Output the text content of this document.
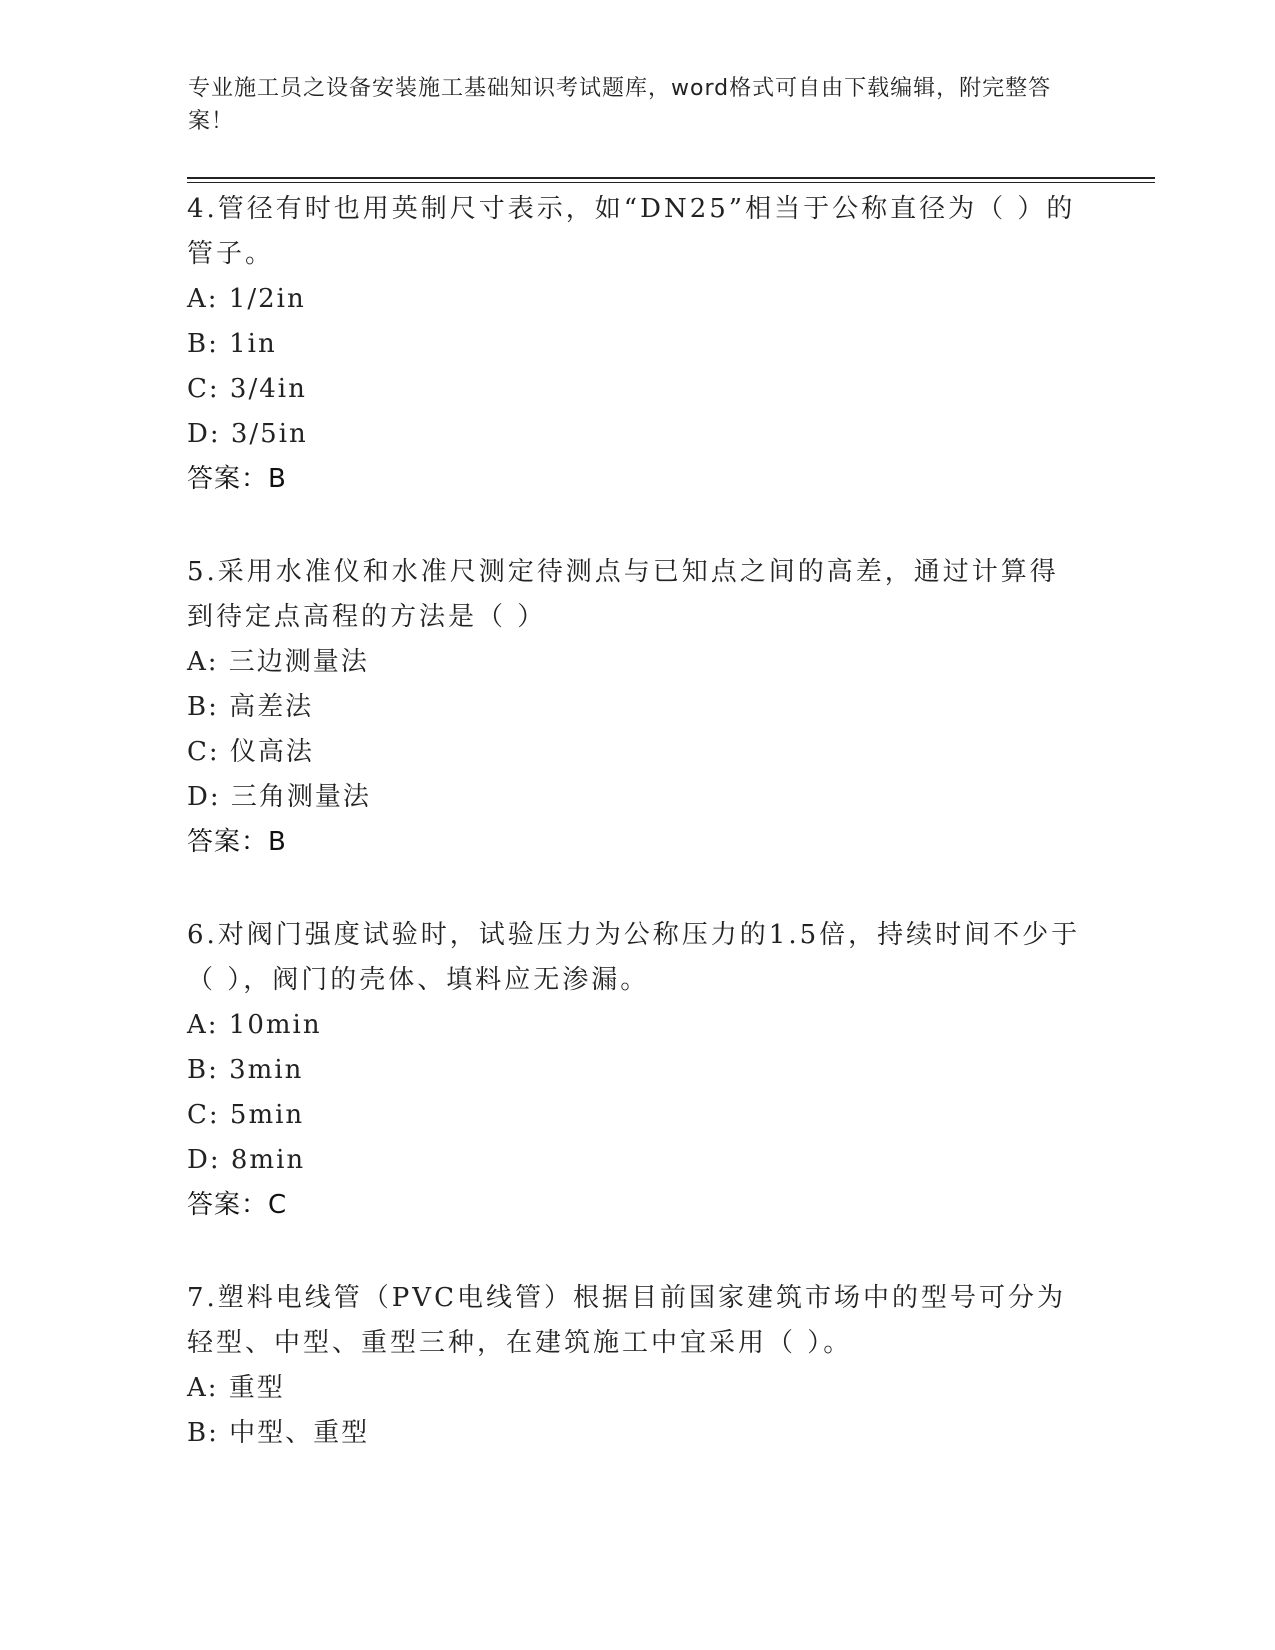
专业施工员之设备安装施工基础知识考试题库，word格式可自由下载编辑，附完整答案！

4.管径有时也用英制尺寸表示，如“DN25”相当于公称直径为（ ）的管子。

A: 1/2in

B: 1in

C: 3/4in

D: 3/5in

答案：B

5.采用水准仪和水准尺测定待测点与已知点之间的高差，通过计算得到待定点高程的方法是（ ）

A: 三边测量法

B: 高差法

C: 仪高法

D: 三角测量法

答案：B

6.对阀门强度试验时，试验压力为公称压力的1.5倍，持续时间不少于（ ），阀门的壳体、填料应无渗漏。

A: 10min

B: 3min

C: 5min

D: 8min

答案：C

7.塑料电线管（PVC电线管）根据目前国家建筑市场中的型号可分为轻型、中型、重型三种，在建筑施工中宜采用（ ）。

A: 重型

B: 中型、重型
